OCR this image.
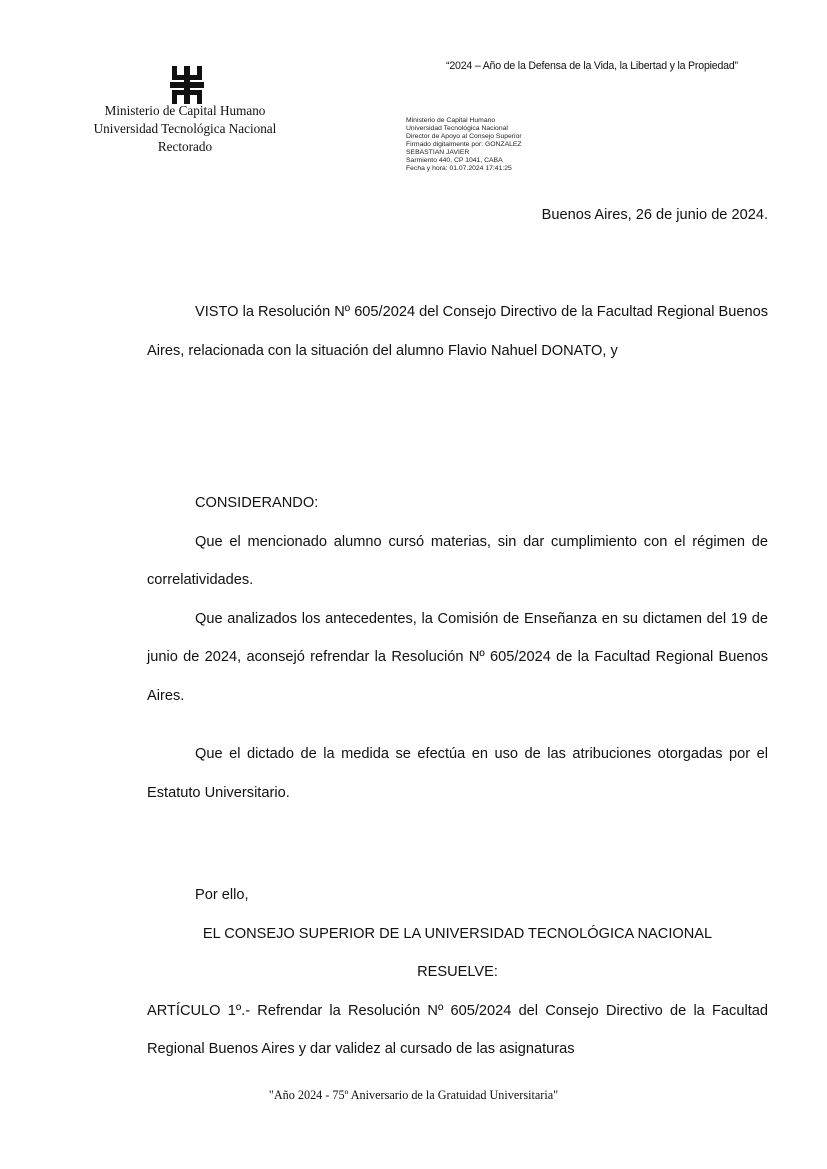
Ministerio de Capital Humano
Universidad Tecnológica Nacional
Rectorado
“2024 – Año de la Defensa de la Vida, la Libertad y la Propiedad”
Ministerio de Capital Humano
Universidad Tecnológica Nacional
Director de Apoyo al Consejo Superior
Firmado digitalmente por: GONZALEZ
SEBASTIAN JAVIER
Sarmiento 440, CP 1041, CABA
Fecha y hora: 01.07.2024 17:41:25
Buenos Aires, 26 de junio de 2024.

VISTO la Resolución Nº 605/2024 del Consejo Directivo de la Facultad Regional Buenos Aires, relacionada con la situación del alumno Flavio Nahuel DONATO, y

CONSIDERANDO:

Que el mencionado alumno cursó materias, sin dar cumplimiento con el régimen de correlatividades.

Que analizados los antecedentes, la Comisión de Enseñanza en su dictamen del 19 de junio de 2024, aconsejó refrendar la Resolución Nº 605/2024 de la Facultad Regional Buenos Aires.

Que el dictado de la medida se efectúa en uso de las atribuciones otorgadas por el Estatuto Universitario.

Por ello,

EL CONSEJO SUPERIOR DE LA UNIVERSIDAD TECNOLÓGICA NACIONAL

RESUELVE:

ARTÍCULO 1º.- Refrendar la Resolución Nº 605/2024 del Consejo Directivo de la Facultad Regional Buenos Aires y dar validez al cursado de las asignaturas

"Año 2024 - 75º Aniversario de la Gratuidad Universitaria"
